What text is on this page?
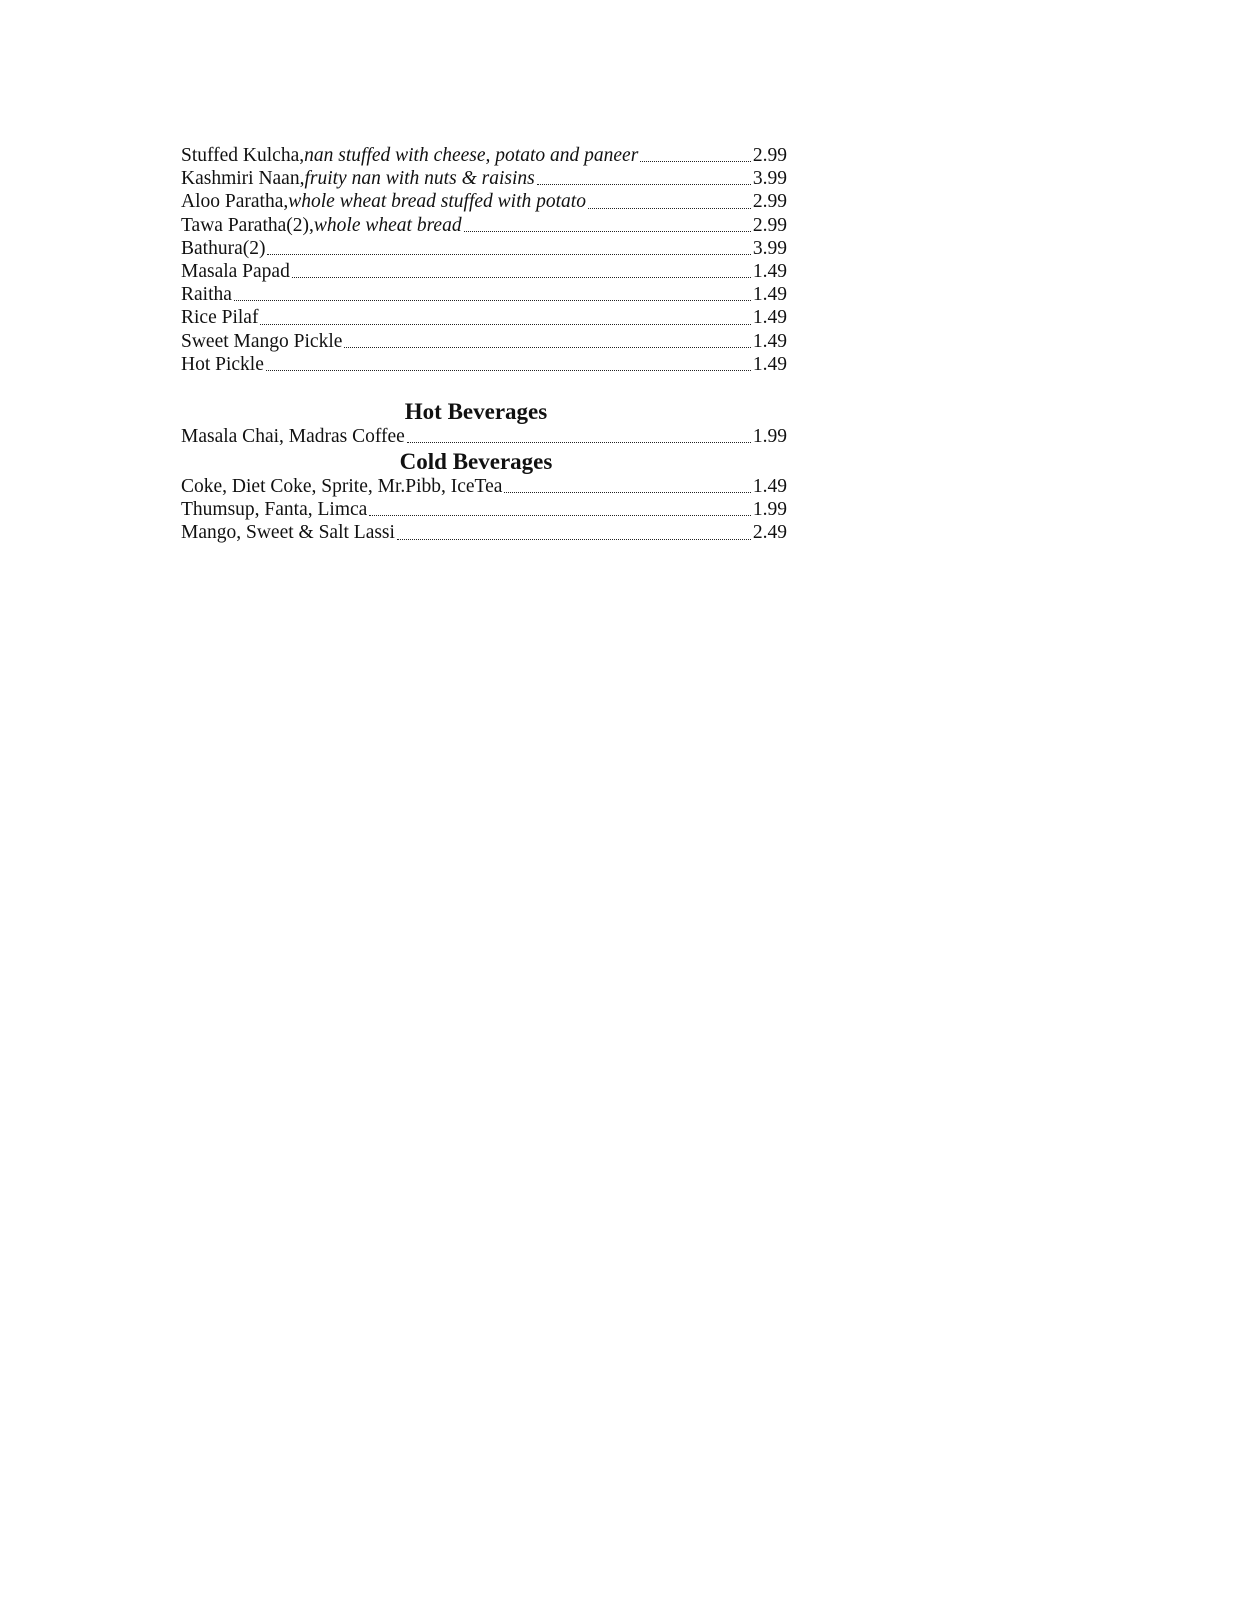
Stuffed Kulcha, nan stuffed with cheese, potato and paneer	2.99
Kashmiri Naan, fruity nan with nuts & raisins	3.99
Aloo Paratha, whole wheat bread stuffed with potato	2.99
Tawa Paratha(2), whole wheat bread	2.99
Bathura(2)	3.99
Masala Papad	1.49
Raitha	1.49
Rice Pilaf	1.49
Sweet Mango Pickle	1.49
Hot Pickle	1.49
Hot Beverages
Masala Chai, Madras Coffee	1.99
Cold Beverages
Coke, Diet Coke, Sprite, Mr.Pibb, IceTea	1.49
Thumsup, Fanta, Limca	1.99
Mango, Sweet & Salt Lassi	2.49
